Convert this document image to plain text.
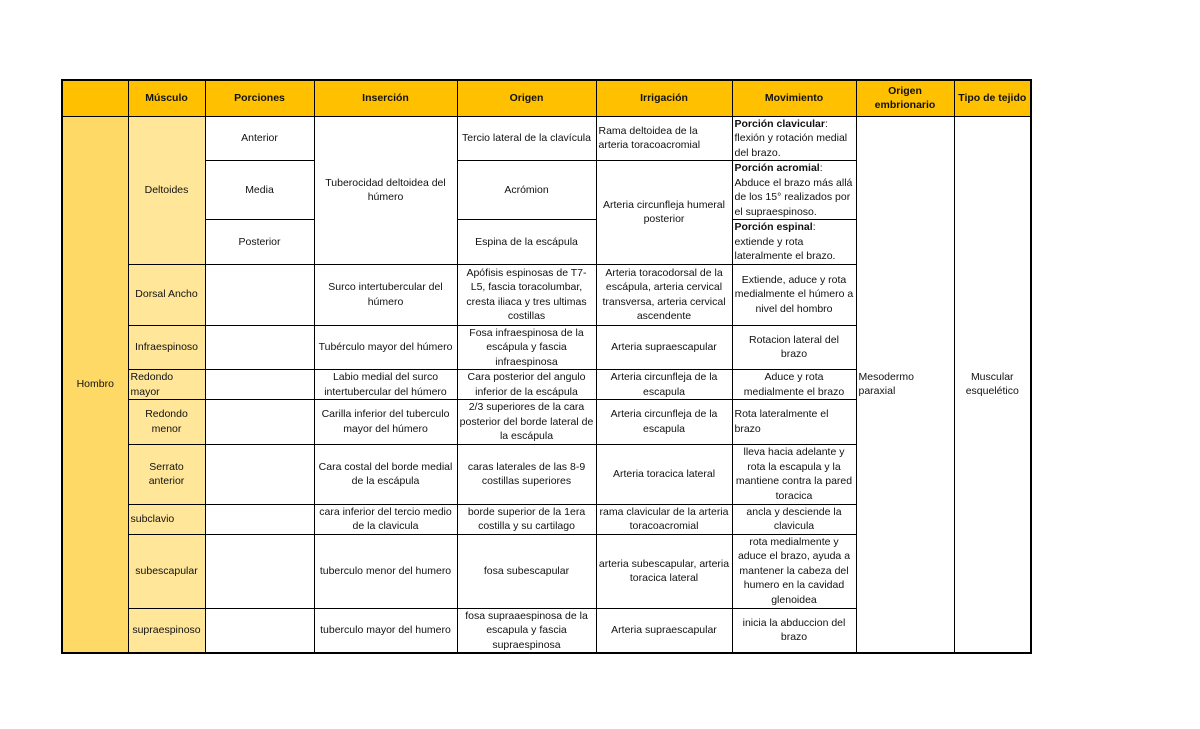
	Músculo	Porciones	Inserción	Origen	Irrigación	Movimiento	Origen embrionario	Tipo de tejido
Hombro	Deltoides	Anterior	Tuberocidad deltoidea del húmero	Tercio lateral de la clavícula	Rama deltoidea de la arteria toracoacromial	Porción clavicular: flexión y rotación medial del brazo.	Mesodermo paraxial	Muscular esquelético
		Media		Acrómion	Arteria circunfleja humeral posterior	Porción acromial: Abduce el brazo más allá de los 15° realizados por el supraespinoso.		
		Posterior		Espina de la escápula		Porción espinal: extiende y rota lateralmente el brazo.		
	Dorsal Ancho		Surco intertubercular del húmero	Apófisis espinosas de T7-L5, fascia toracolumbar, cresta iliaca y tres ultimas costillas	Arteria toracodorsal de la escápula, arteria cervical transversa, arteria cervical ascendente	Extiende, aduce y rota medialmente el húmero a nivel del hombro		
	Infraespinoso		Tubérculo mayor del húmero	Fosa infraespinosa de la escápula y fascia infraespinosa	Arteria supraescapular	Rotacion lateral del brazo		
	Redondo mayor		Labio medial del surco intertubercular del húmero	Cara posterior del angulo inferior de la escápula	Arteria circunfleja de la escapula	Aduce y rota medialmente el brazo		
	Redondo menor		Carilla inferior del tuberculo mayor del húmero	2/3 superiores de la cara posterior del borde lateral de la escápula	Arteria circunfleja de la escapula	Rota lateralmente el brazo		
	Serrato anterior		Cara costal del borde medial de la escápula	caras laterales de las 8-9 costillas superiores	Arteria toracica lateral	lleva hacia adelante y rota la escapula y la mantiene contra la pared toracica		
	subclavio		cara inferior del tercio medio de la clavicula	borde superior de la 1era costilla y su cartilago	rama clavicular de la arteria toracoacromial	ancla y desciende la clavicula		
	subescapular		tuberculo menor del humero	fosa subescapular	arteria subescapular, arteria toracica lateral	rota medialmente y aduce el brazo, ayuda a mantener la cabeza del humero en la cavidad glenoidea		
	supraespinoso		tuberculo mayor del humero	fosa supraaespinosa de la escapula y fascia supraespinosa	Arteria supraescapular	inicia la abduccion del brazo		
